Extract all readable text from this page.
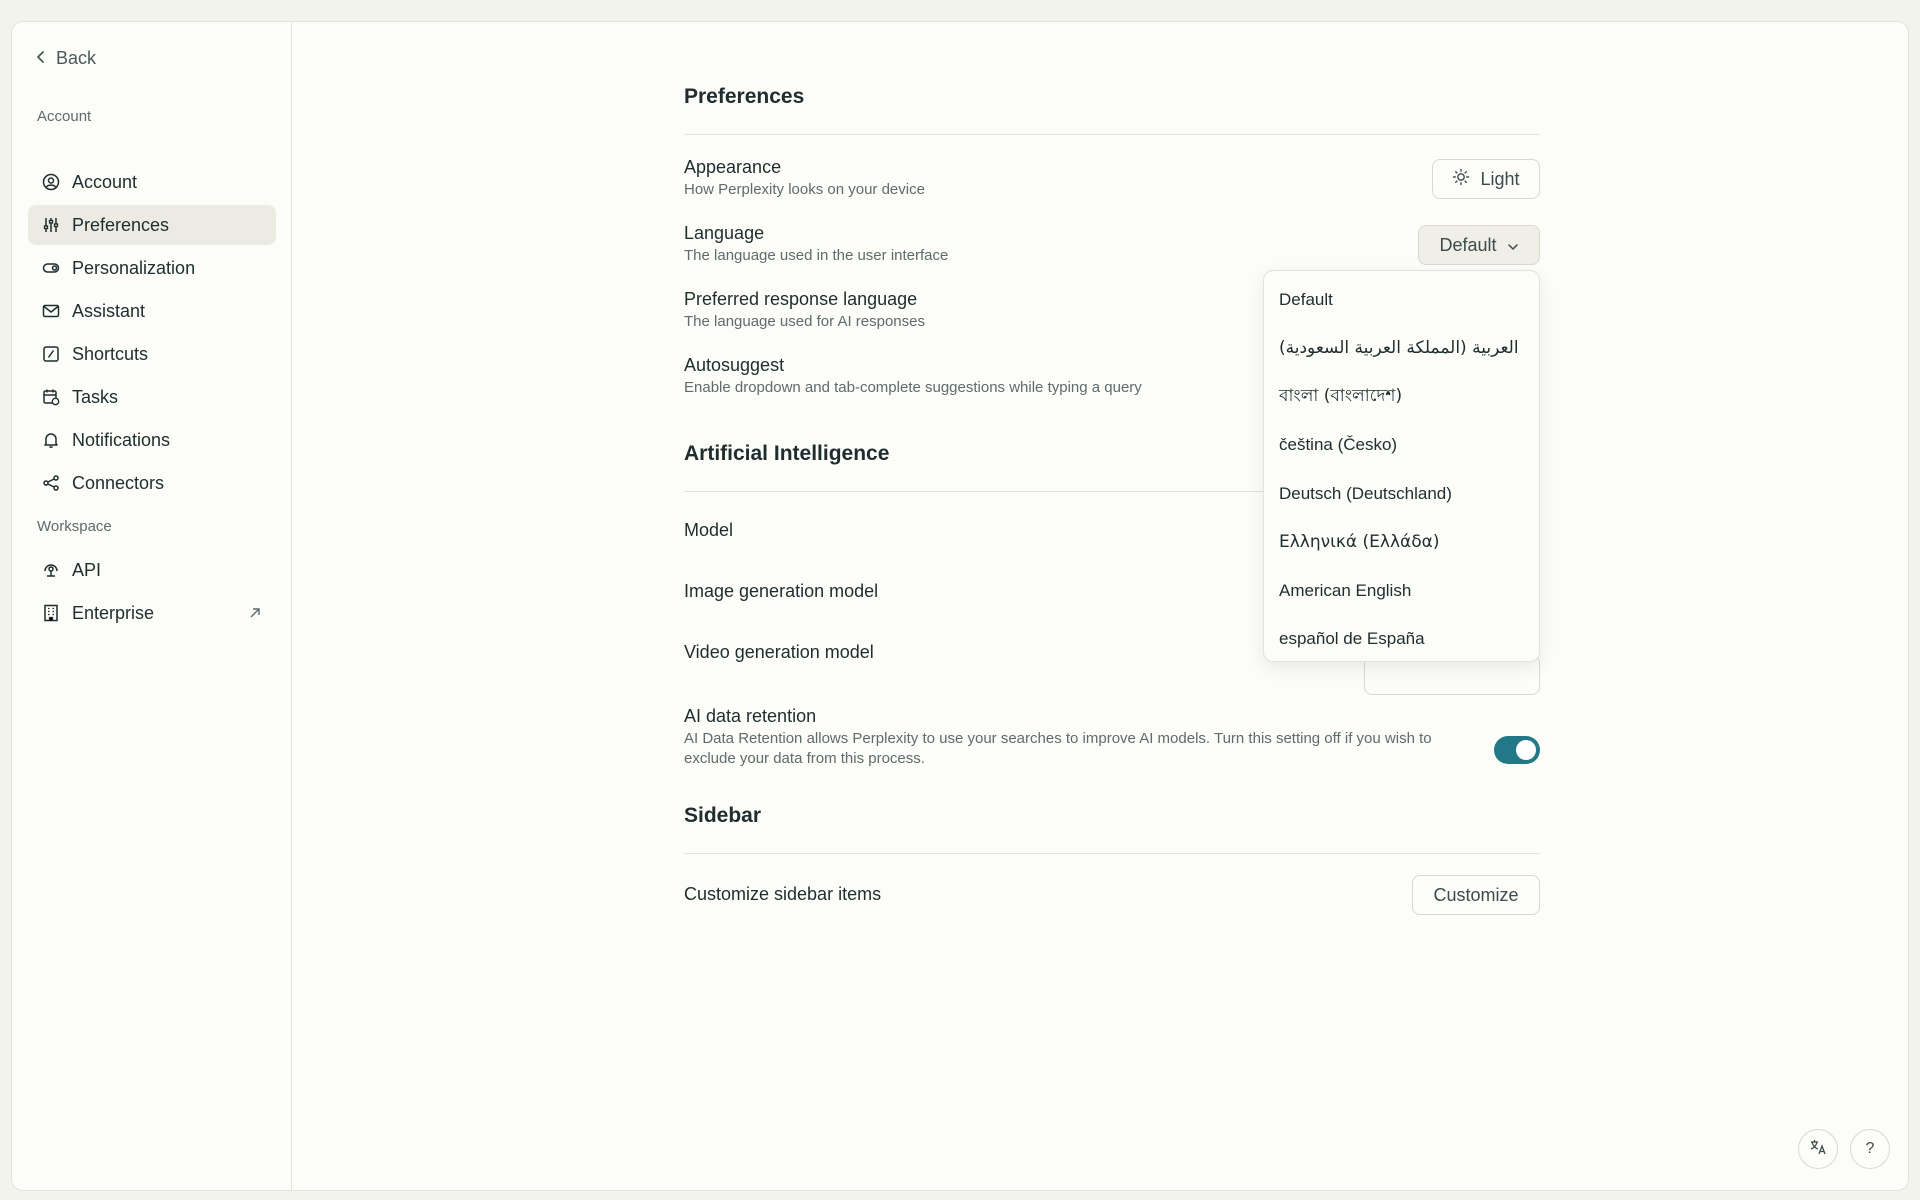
Back
Account
Account
Preferences
Personalization
Assistant
Shortcuts
Tasks
Notifications
Connectors
Workspace
API
Enterprise
Preferences
Appearance
How Perplexity looks on your device
Light
Language
The language used in the user interface
Default
Preferred response language
The language used for AI responses
Autosuggest
Enable dropdown and tab-complete suggestions while typing a query
Artificial Intelligence
Model
Image generation model
Video generation model
AI data retention
AI Data Retention allows Perplexity to use your searches to improve AI models. Turn this setting off if you wish to exclude your data from this process.
Sidebar
Customize sidebar items	Customize
Default
العربية (المملكة العربية السعودية)
বাংলা (বাংলাদেশ)
čeština (Česko)
Deutsch (Deutschland)
Ελληνικά (Ελλάδα)
American English
español de España
?
